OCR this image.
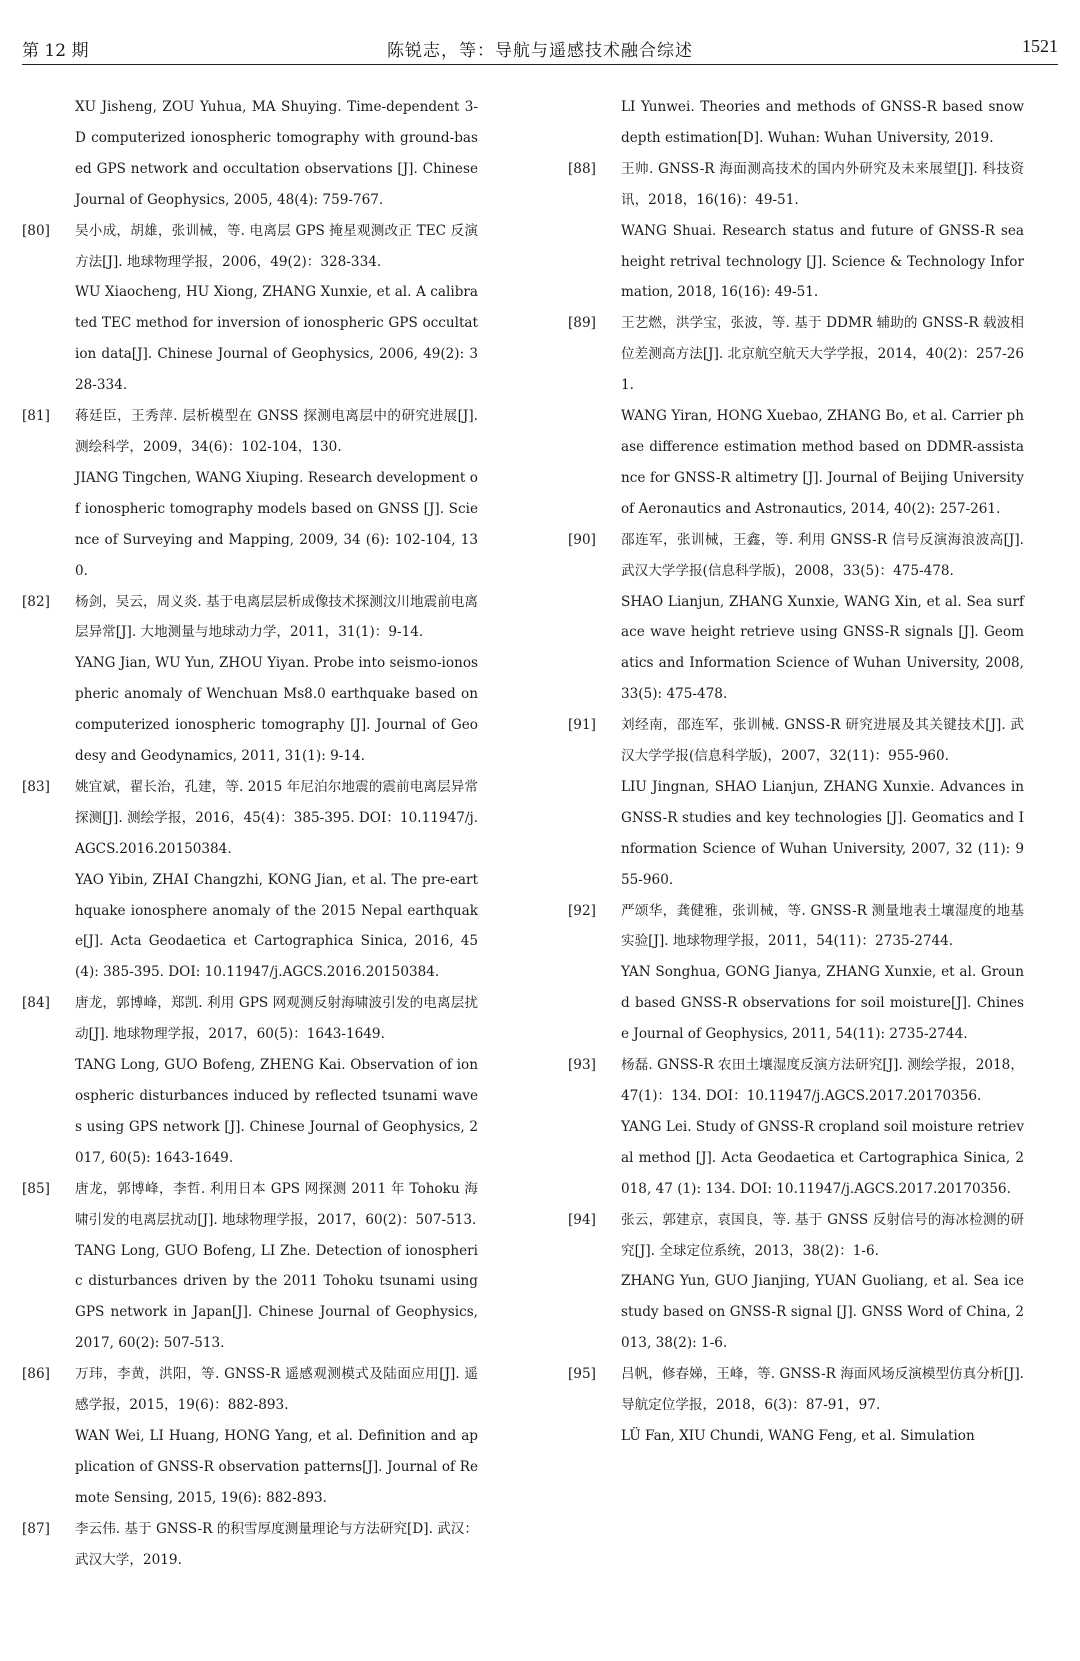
第 12 期	陈锐志，等：导航与遥感技术融合综述	1521

XU Jisheng, ZOU Yuhua, MA Shuying. Time-dependent 3-D computerized ionospheric tomography with ground-based GPS network and occultation observations [J]. Chinese Journal of Geophysics, 2005, 48(4): 759-767.

[80] 吴小成，胡雄，张训械，等. 电离层 GPS 掩星观测改正 TEC 反演方法[J]. 地球物理学报，2006，49(2)：328-334.

WU Xiaocheng, HU Xiong, ZHANG Xunxie, et al. A calibrated TEC method for inversion of ionospheric GPS occultation data[J]. Chinese Journal of Geophysics, 2006, 49(2): 328-334.

[81] 蒋廷臣，王秀萍. 层析模型在 GNSS 探测电离层中的研究进展[J]. 测绘科学，2009，34(6)：102-104，130.

JIANG Tingchen, WANG Xiuping. Research development of ionospheric tomography models based on GNSS [J]. Science of Surveying and Mapping, 2009, 34 (6): 102-104, 130.

[82] 杨剑，吴云，周义炎. 基于电离层层析成像技术探测汶川地震前电离层异常[J]. 大地测量与地球动力学，2011，31(1)：9-14.

YANG Jian, WU Yun, ZHOU Yiyan. Probe into seismo-ionospheric anomaly of Wenchuan Ms8.0 earthquake based on computerized ionospheric tomography [J]. Journal of Geodesy and Geodynamics, 2011, 31(1): 9-14.

[83] 姚宜斌，翟长治，孔建，等. 2015 年尼泊尔地震的震前电离层异常探测[J]. 测绘学报，2016，45(4)：385-395. DOI：10.11947/j.AGCS.2016.20150384.

YAO Yibin, ZHAI Changzhi, KONG Jian, et al. The pre-earthquake ionosphere anomaly of the 2015 Nepal earthquake[J]. Acta Geodaetica et Cartographica Sinica, 2016, 45(4): 385-395. DOI: 10.11947/j.AGCS.2016.20150384.

[84] 唐龙，郭博峰，郑凯. 利用 GPS 网观测反射海啸波引发的电离层扰动[J]. 地球物理学报，2017，60(5)：1643-1649.

TANG Long, GUO Bofeng, ZHENG Kai. Observation of ionospheric disturbances induced by reflected tsunami waves using GPS network [J]. Chinese Journal of Geophysics, 2017, 60(5): 1643-1649.

[85] 唐龙，郭博峰，李哲. 利用日本 GPS 网探测 2011 年 Tohoku 海啸引发的电离层扰动[J]. 地球物理学报，2017，60(2)：507-513.

TANG Long, GUO Bofeng, LI Zhe. Detection of ionospheric disturbances driven by the 2011 Tohoku tsunami using GPS network in Japan[J]. Chinese Journal of Geophysics, 2017, 60(2): 507-513.

[86] 万玮，李黄，洪阳，等. GNSS-R 遥感观测模式及陆面应用[J]. 遥感学报，2015，19(6)：882-893.

WAN Wei, LI Huang, HONG Yang, et al. Definition and application of GNSS-R observation patterns[J]. Journal of Remote Sensing, 2015, 19(6): 882-893.

[87] 李云伟. 基于 GNSS-R 的积雪厚度测量理论与方法研究[D]. 武汉：武汉大学，2019.

LI Yunwei. Theories and methods of GNSS-R based snow depth estimation[D]. Wuhan: Wuhan University, 2019.

[88] 王帅. GNSS-R 海面测高技术的国内外研究及未来展望[J]. 科技资讯，2018，16(16)：49-51.

WANG Shuai. Research status and future of GNSS-R sea height retrival technology [J]. Science & Technology Information, 2018, 16(16): 49-51.

[89] 王艺燃，洪学宝，张波，等. 基于 DDMR 辅助的 GNSS-R 载波相位差测高方法[J]. 北京航空航天大学学报，2014，40(2)：257-261.

WANG Yiran, HONG Xuebao, ZHANG Bo, et al. Carrier phase difference estimation method based on DDMR-assistance for GNSS-R altimetry [J]. Journal of Beijing University of Aeronautics and Astronautics, 2014, 40(2): 257-261.

[90] 邵连军，张训械，王鑫，等. 利用 GNSS-R 信号反演海浪波高[J]. 武汉大学学报(信息科学版)，2008，33(5)：475-478.

SHAO Lianjun, ZHANG Xunxie, WANG Xin, et al. Sea surface wave height retrieve using GNSS-R signals [J]. Geomatics and Information Science of Wuhan University, 2008, 33(5): 475-478.

[91] 刘经南，邵连军，张训械. GNSS-R 研究进展及其关键技术[J]. 武汉大学学报(信息科学版)，2007，32(11)：955-960.

LIU Jingnan, SHAO Lianjun, ZHANG Xunxie. Advances in GNSS-R studies and key technologies [J]. Geomatics and Information Science of Wuhan University, 2007, 32 (11): 955-960.

[92] 严颂华，龚健雅，张训械，等. GNSS-R 测量地表土壤湿度的地基实验[J]. 地球物理学报，2011，54(11)：2735-2744.

YAN Songhua, GONG Jianya, ZHANG Xunxie, et al. Ground based GNSS-R observations for soil moisture[J]. Chinese Journal of Geophysics, 2011, 54(11): 2735-2744.

[93] 杨磊. GNSS-R 农田土壤湿度反演方法研究[J]. 测绘学报，2018，47(1)：134. DOI：10.11947/j.AGCS.2017.20170356.

YANG Lei. Study of GNSS-R cropland soil moisture retrieval method [J]. Acta Geodaetica et Cartographica Sinica, 2018, 47 (1): 134. DOI: 10.11947/j.AGCS.2017.20170356.

[94] 张云，郭建京，袁国良，等. 基于 GNSS 反射信号的海冰检测的研究[J]. 全球定位系统，2013，38(2)：1-6.

ZHANG Yun, GUO Jianjing, YUAN Guoliang, et al. Sea ice study based on GNSS-R signal [J]. GNSS Word of China, 2013, 38(2): 1-6.

[95] 吕帆，修春娣，王峰，等. GNSS-R 海面风场反演模型仿真分析[J]. 导航定位学报，2018，6(3)：87-91，97.

LÜ Fan, XIU Chundi, WANG Feng, et al. Simulation
